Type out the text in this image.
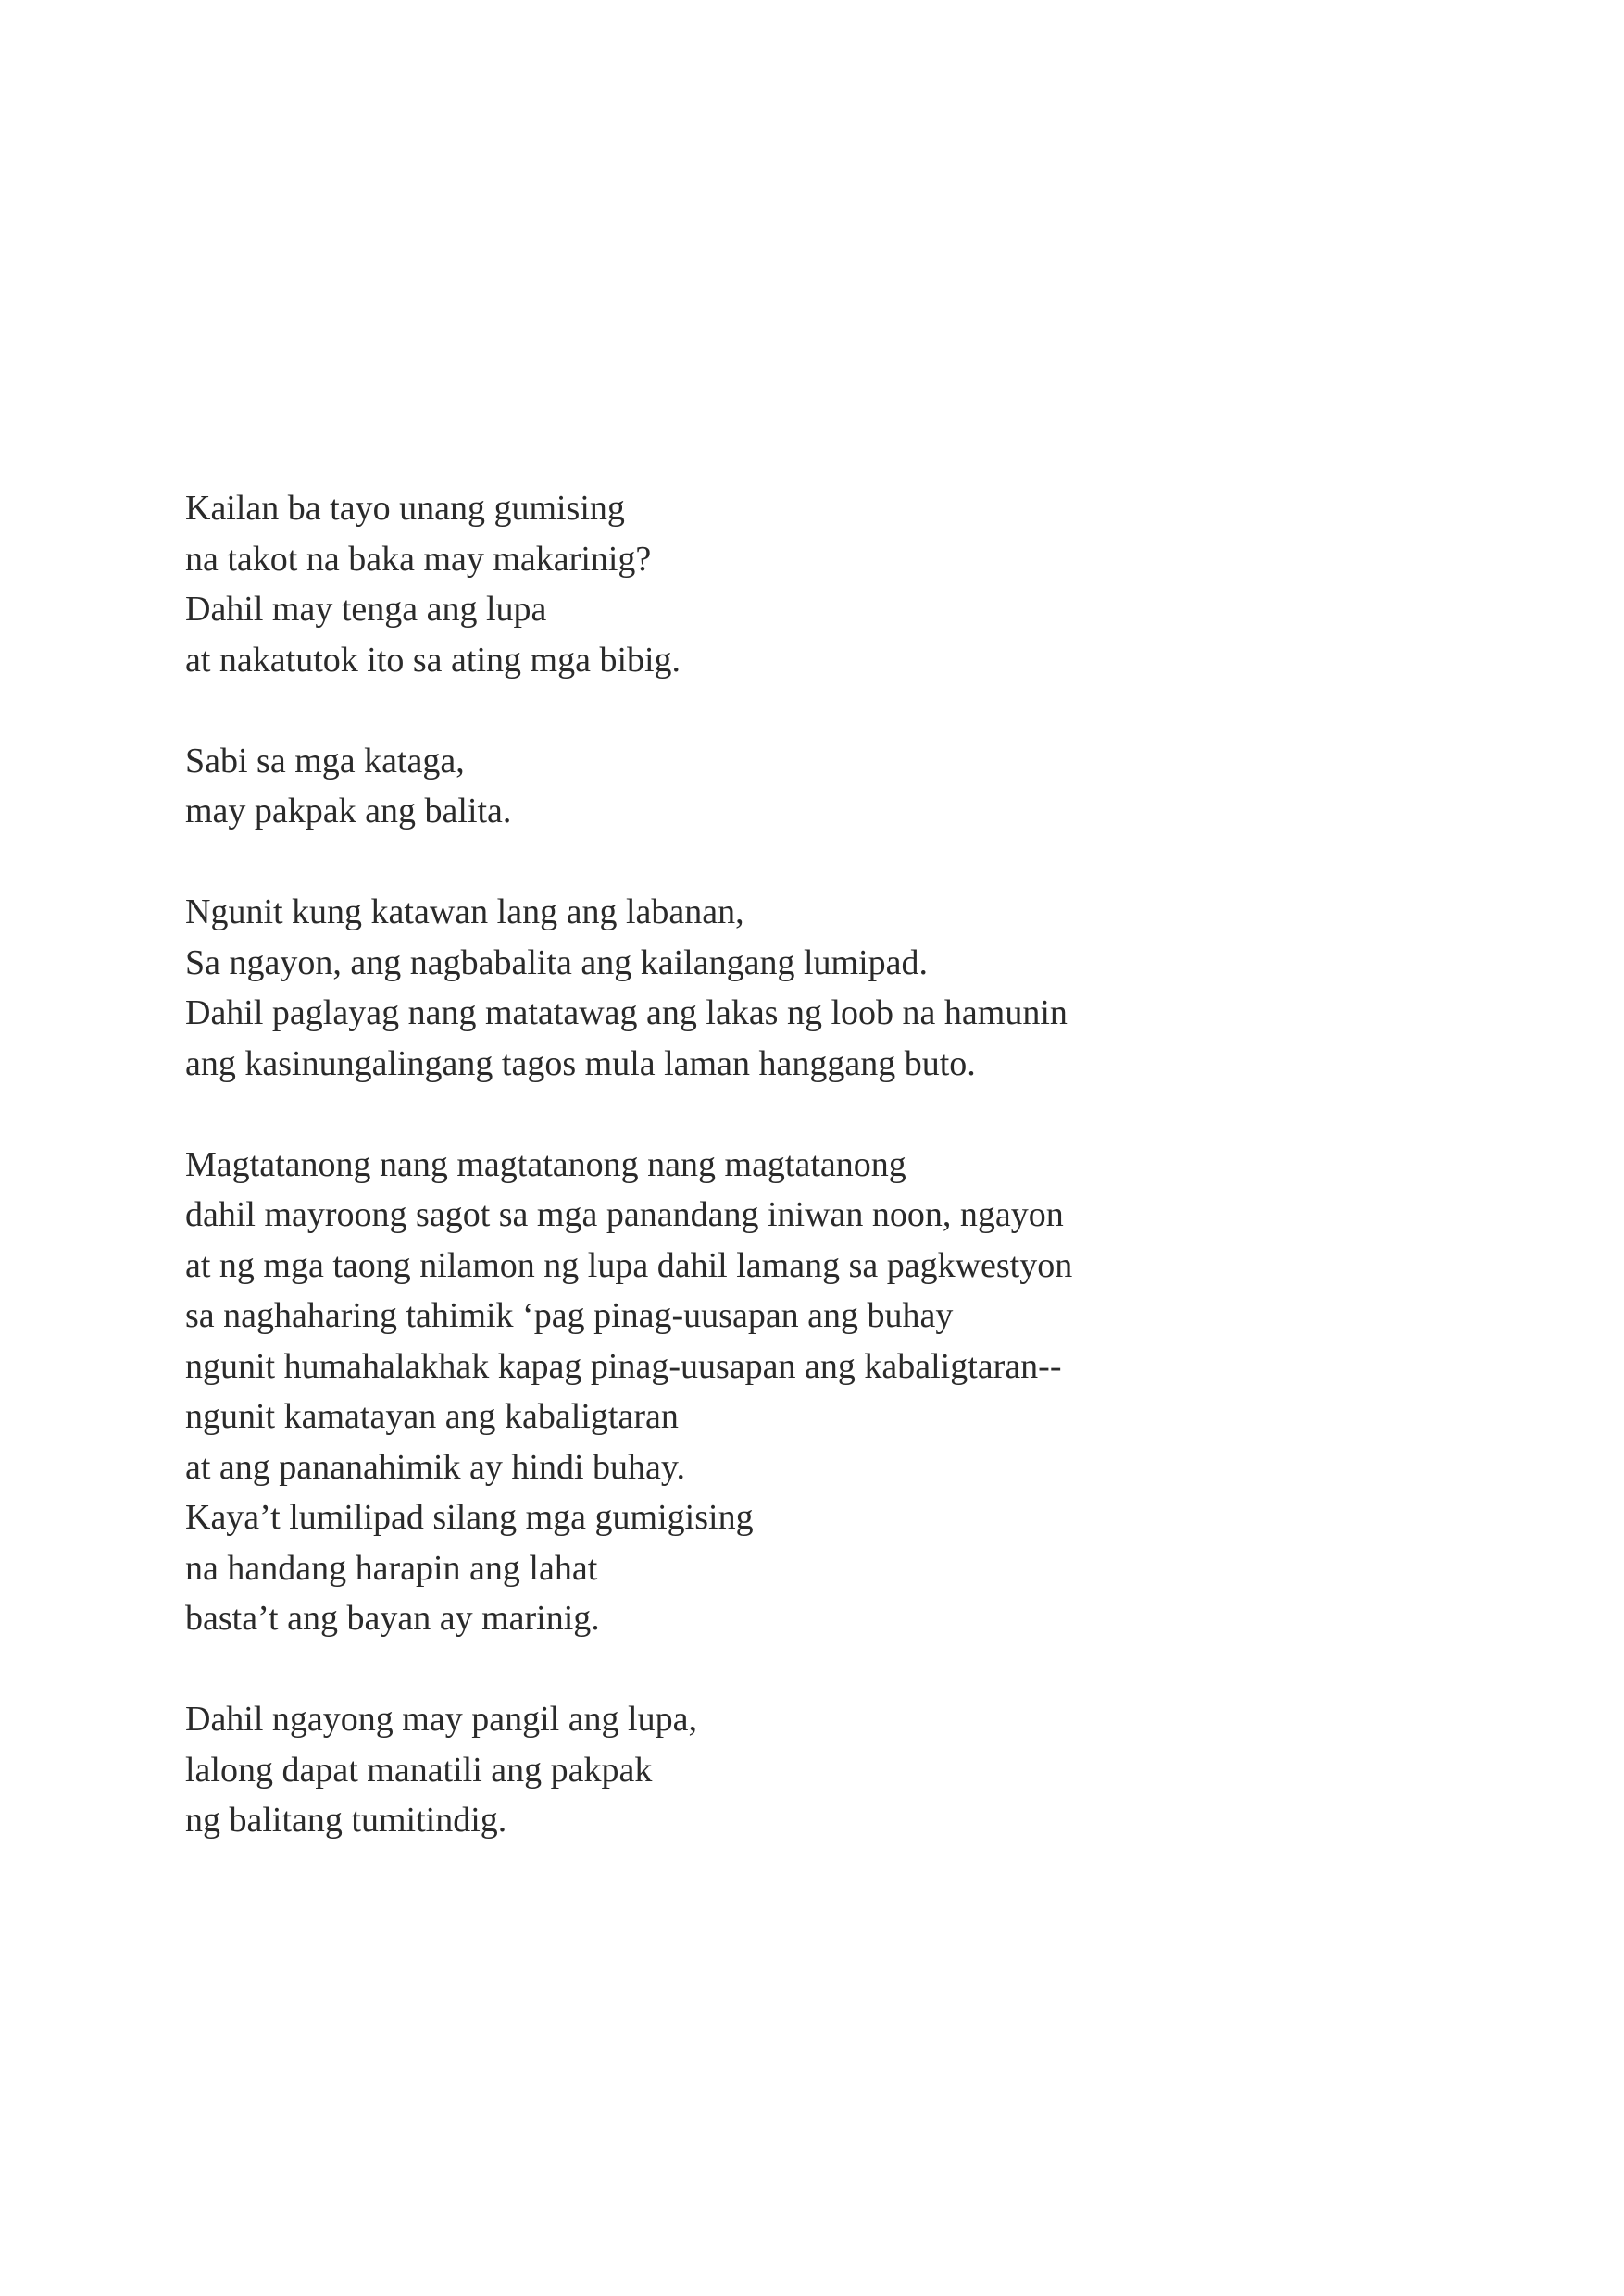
Kailan ba tayo unang gumising
na takot na baka may makarinig?
Dahil may tenga ang lupa
at nakatutok ito sa ating mga bibig.
Sabi sa mga kataga,
may pakpak ang balita.
Ngunit kung katawan lang ang labanan,
Sa ngayon, ang nagbabalita ang kailangang lumipad.
Dahil paglayag nang matatawag ang lakas ng loob na hamunin
ang kasinungalingang tagos mula laman hanggang buto.
Magtatanong nang magtatanong nang magtatanong
dahil mayroong sagot sa mga panandang iniwan noon, ngayon
at ng mga taong nilamon ng lupa dahil lamang sa pagkwestyon
sa naghaharing tahimik ‘pag pinag-uusapan ang buhay
ngunit humahalakhak kapag pinag-uusapan ang kabaligtaran--
ngunit kamatayan ang kabaligtaran
at ang pananahimik ay hindi buhay.
Kaya’t lumilipad silang mga gumigising
na handang harapin ang lahat
basta’t ang bayan ay marinig.
Dahil ngayong may pangil ang lupa,
lalong dapat manatili ang pakpak
ng balitang tumitindig.
